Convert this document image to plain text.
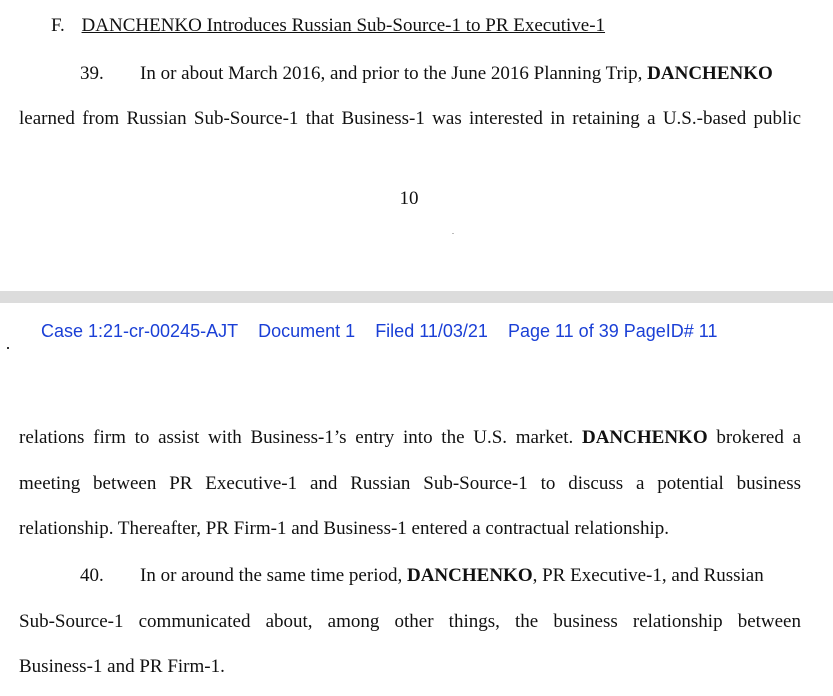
F. DANCHENKO Introduces Russian Sub-Source-1 to PR Executive-1
39. In or about March 2016, and prior to the June 2016 Planning Trip, DANCHENKO
learned from Russian Sub-Source-1 that Business-1 was interested in retaining a U.S.-based public
10
Case 1:21-cr-00245-AJT Document 1 Filed 11/03/21 Page 11 of 39 PageID# 11
relations firm to assist with Business-1’s entry into the U.S. market. DANCHENKO brokered a
meeting between PR Executive-1 and Russian Sub-Source-1 to discuss a potential business
relationship. Thereafter, PR Firm-1 and Business-1 entered a contractual relationship.
40. In or around the same time period, DANCHENKO, PR Executive-1, and Russian
Sub-Source-1 communicated about, among other things, the business relationship between
Business-1 and PR Firm-1.
